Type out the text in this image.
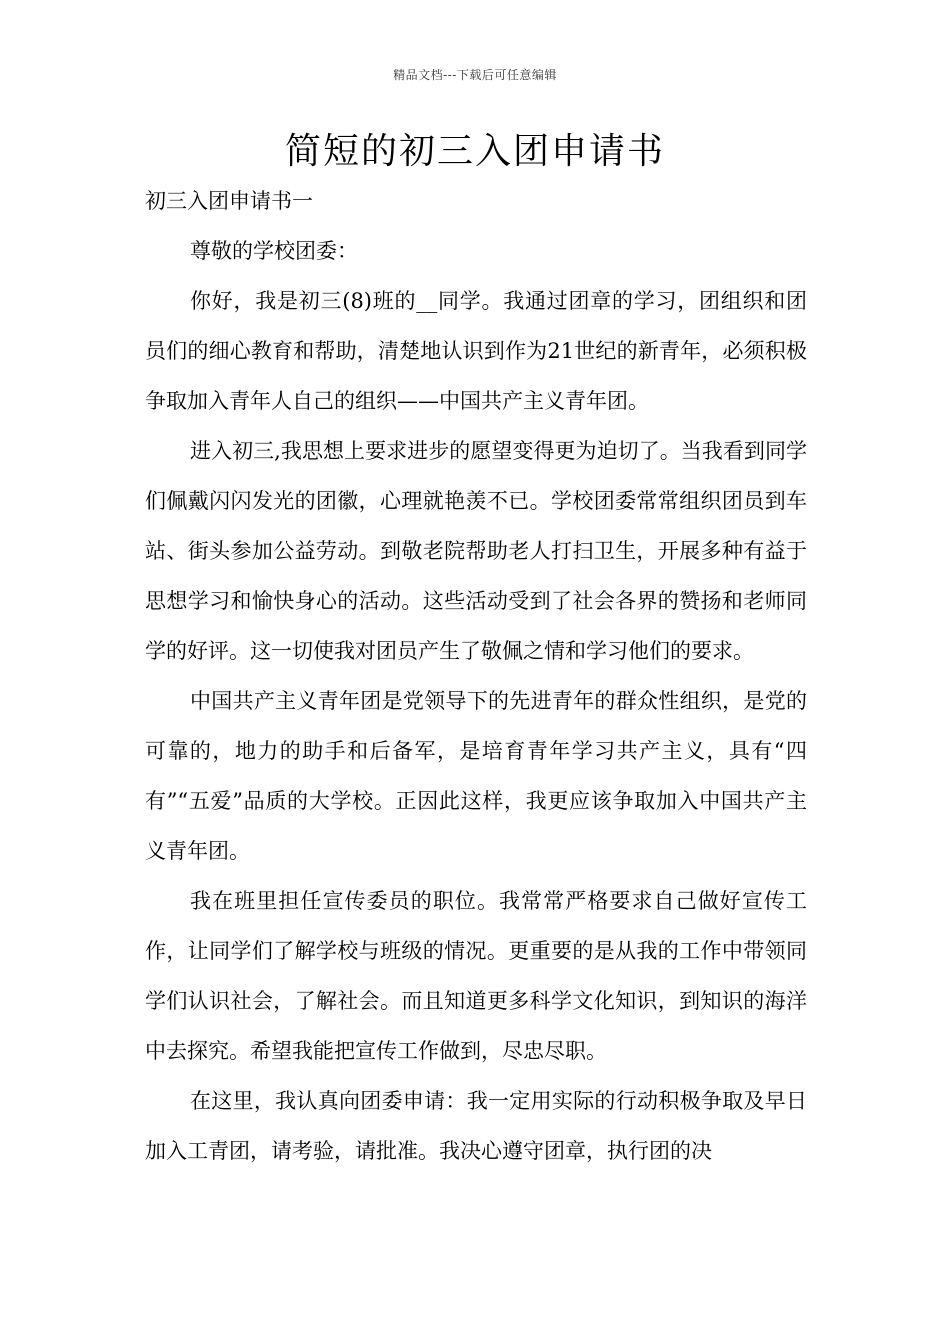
精品文档---下载后可任意编辑
简短的初三入团申请书

初三入团申请书一

尊敬的学校团委：

你好，我是初三(8)班的__同学。我通过团章的学习，团组织和团员们的细心教育和帮助，清楚地认识到作为21世纪的新青年，必须积极争取加入青年人自己的组织——中国共产主义青年团。

进入初三,我思想上要求进步的愿望变得更为迫切了。当我看到同学们佩戴闪闪发光的团徽，心理就艳羡不已。学校团委常常组织团员到车站、街头参加公益劳动。到敬老院帮助老人打扫卫生，开展多种有益于思想学习和愉快身心的活动。这些活动受到了社会各界的赞扬和老师同学的好评。这一切使我对团员产生了敬佩之情和学习他们的要求。

中国共产主义青年团是党领导下的先进青年的群众性组织，是党的可靠的，地力的助手和后备军，是培育青年学习共产主义，具有“四有”“五爱”品质的大学校。正因此这样，我更应该争取加入中国共产主义青年团。

我在班里担任宣传委员的职位。我常常严格要求自己做好宣传工作，让同学们了解学校与班级的情况。更重要的是从我的工作中带领同学们认识社会，了解社会。而且知道更多科学文化知识，到知识的海洋中去探究。希望我能把宣传工作做到，尽忠尽职。

在这里，我认真向团委申请：我一定用实际的行动积极争取及早日加入工青团，请考验，请批准。我决心遵守团章，执行团的决
